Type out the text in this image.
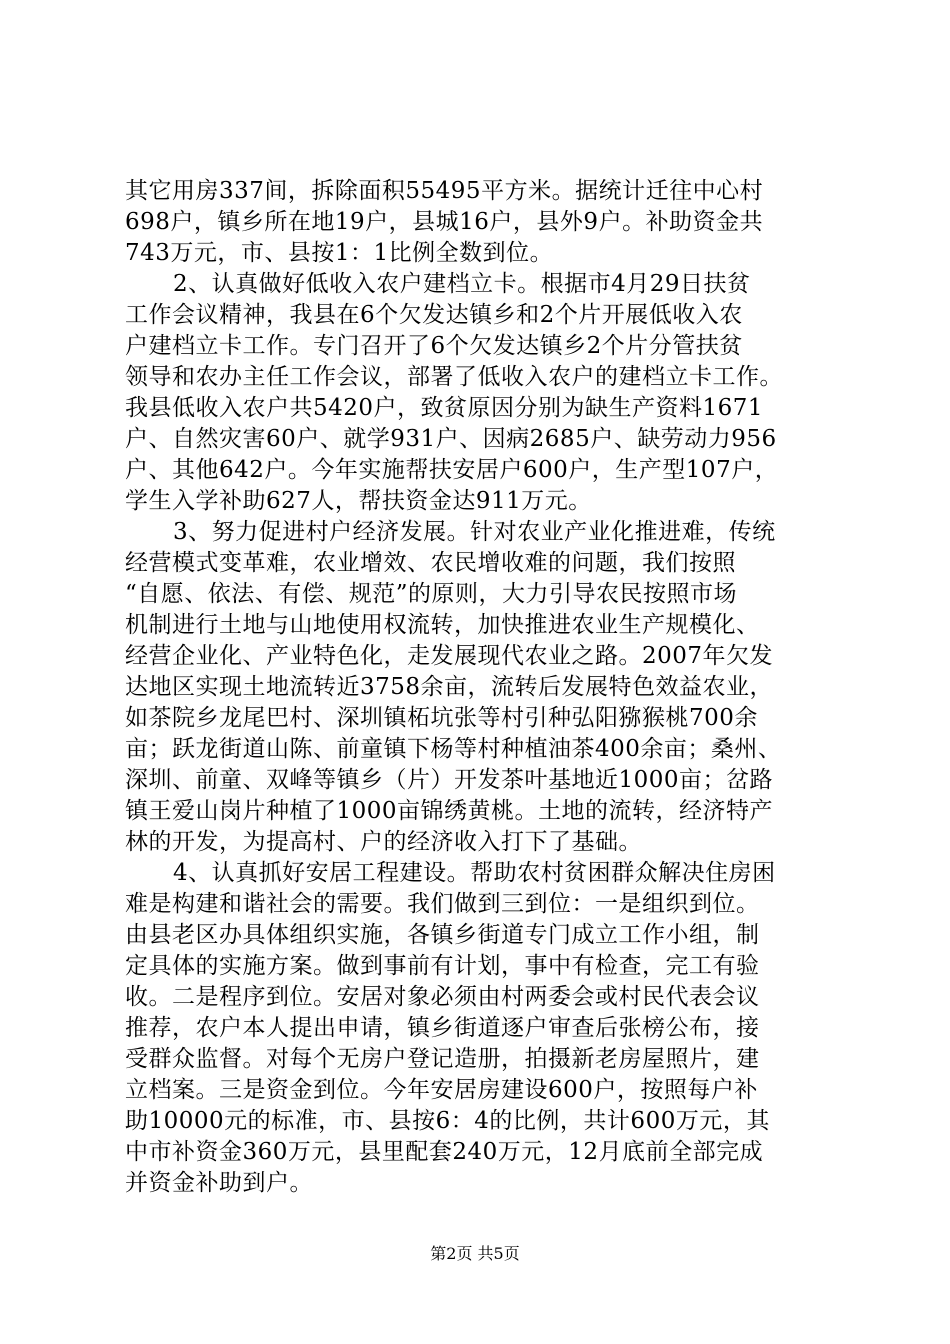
其它用房337间，拆除面积55495平方米。据统计迁往中心村
698户，镇乡所在地19户，县城16户，县外9户。补助资金共
743万元，市、县按1：1比例全数到位。
2、认真做好低收入农户建档立卡。根据市4月29日扶贫
工作会议精神，我县在6个欠发达镇乡和2个片开展低收入农
户建档立卡工作。专门召开了6个欠发达镇乡2个片分管扶贫
领导和农办主任工作会议，部署了低收入农户的建档立卡工作。
我县低收入农户共5420户，致贫原因分别为缺生产资料1671
户、自然灾害60户、就学931户、因病2685户、缺劳动力956
户、其他642户。今年实施帮扶安居户600户，生产型107户，
学生入学补助627人，帮扶资金达911万元。
3、努力促进村户经济发展。针对农业产业化推进难，传统
经营模式变革难，农业增效、农民增收难的问题，我们按照
“自愿、依法、有偿、规范”的原则，大力引导农民按照市场
机制进行土地与山地使用权流转，加快推进农业生产规模化、
经营企业化、产业特色化，走发展现代农业之路。2007年欠发
达地区实现土地流转近3758余亩，流转后发展特色效益农业，
如茶院乡龙尾巴村、深圳镇柘坑张等村引种弘阳猕猴桃700余
亩；跃龙街道山陈、前童镇下杨等村种植油茶400余亩；桑州、
深圳、前童、双峰等镇乡（片）开发茶叶基地近1000亩；岔路
镇王爱山岗片种植了1000亩锦绣黄桃。土地的流转，经济特产
林的开发，为提高村、户的经济收入打下了基础。
4、认真抓好安居工程建设。帮助农村贫困群众解决住房困
难是构建和谐社会的需要。我们做到三到位：一是组织到位。
由县老区办具体组织实施，各镇乡街道专门成立工作小组，制
定具体的实施方案。做到事前有计划，事中有检查，完工有验
收。二是程序到位。安居对象必须由村两委会或村民代表会议
推荐，农户本人提出申请，镇乡街道逐户审查后张榜公布，接
受群众监督。对每个无房户登记造册，拍摄新老房屋照片，建
立档案。三是资金到位。今年安居房建设600户，按照每户补
助10000元的标准，市、县按6：4的比例，共计600万元，其
中市补资金360万元，县里配套240万元，12月底前全部完成
并资金补助到户。
第2页 共5页
